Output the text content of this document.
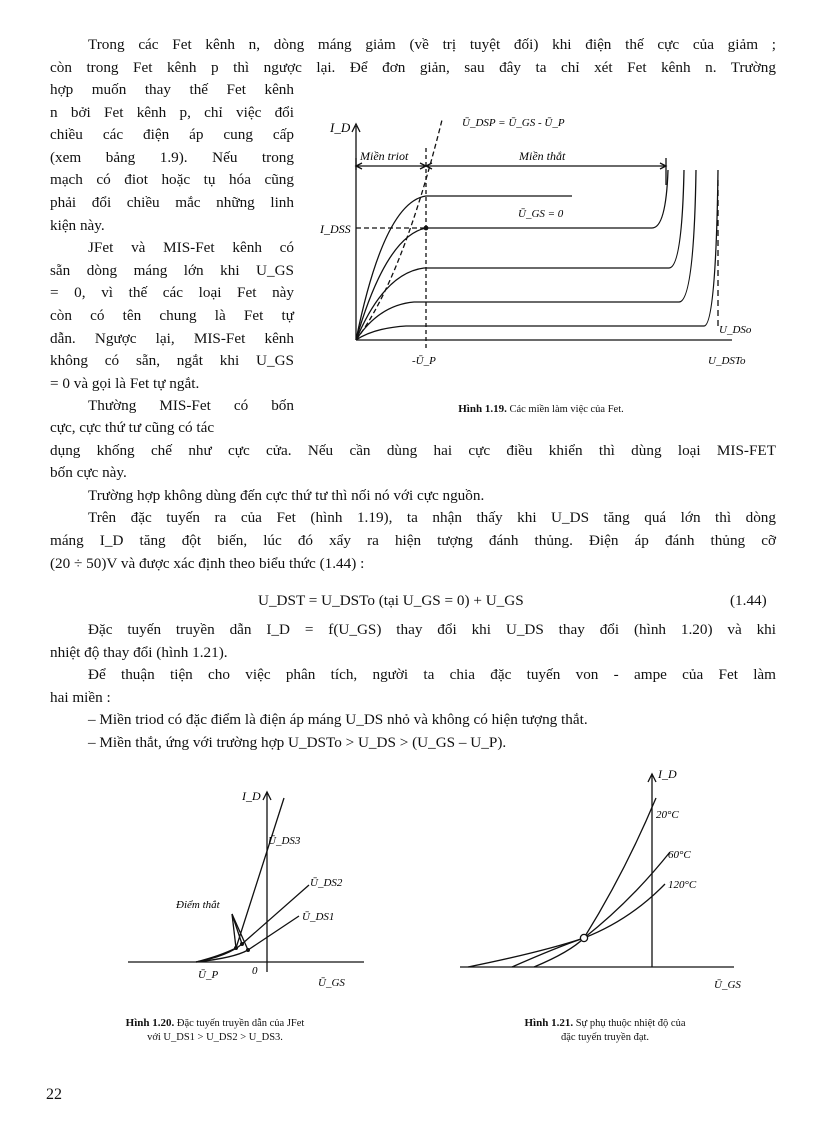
Trong các Fet kênh n, dòng máng giảm (về trị tuyệt đối) khi điện thế cực của giảm ;
còn trong Fet kênh p thì ngược lại. Để đơn giản, sau đây ta chỉ xét Fet kênh n. Trường
hợp muốn thay thế Fet kênh
n bởi Fet kênh p, chỉ việc đổi
chiều các điện áp cung cấp
(xem bảng 1.9). Nếu trong
mạch có điot hoặc tụ hóa cũng
phải đổi chiều mắc những linh
kiện này.
JFet và MIS-Fet kênh có
sẵn dòng máng lớn khi U_GS
= 0, vì thế các loại Fet này
còn có tên chung là Fet tự
dẫn. Ngược lại, MIS-Fet kênh
không có sẵn, ngắt khi U_GS
= 0 và gọi là Fet tự ngắt.
Thường MIS-Fet có bốn
I_D
I_DSS
Miền triot	Miền thắt
Ū_DSP = Ū_GS - Ū_P
Ū_GS = 0
U_DSo
-Ū_P	U_DSTo
Hình 1.19. Các miền làm việc của Fet.
cực, cực thứ tư cũng có tác
dụng khống chế như cực cửa. Nếu cần dùng hai cực điều khiển thì dùng loại MIS-FET
bốn cực này.
Trường hợp không dùng đến cực thứ tư thì nối nó với cực nguồn.
Trên đặc tuyến ra của Fet (hình 1.19), ta nhận thấy khi U_DS tăng quá lớn thì dòng
máng I_D tăng đột biến, lúc đó xẩy ra hiện tượng đánh thủng. Điện áp đánh thủng cỡ
(20 ÷ 50)V và được xác định theo biểu thức (1.44) :
U_DST = U_DSTo (tại U_GS = 0) + U_GS	(1.44)
Đặc tuyến truyền dẫn I_D = f(U_GS) thay đổi khi U_DS thay đổi (hình 1.20) và khi
nhiệt độ thay đổi (hình 1.21).
Để thuận tiện cho việc phân tích, người ta chia đặc tuyến von - ampe của Fet làm
hai miền :
– Miền triod có đặc điểm là điện áp máng U_DS nhỏ và không có hiện tượng thắt.
– Miền thắt, ứng với trường hợp U_DSTo > U_DS > (U_GS – U_P).
I_D
Ū_DS3
Ū_DS2
Ū_DS1
Điểm thắt
Ū_P	0
Ū_GS
Hình 1.20. Đặc tuyến truyền dẫn của JFet
với U_DS1 > U_DS2 > U_DS3.
I_D
20°C
60°C
120°C
Ū_GS
Hình 1.21. Sự phụ thuộc nhiệt độ của
đặc tuyến truyền đạt.
22
